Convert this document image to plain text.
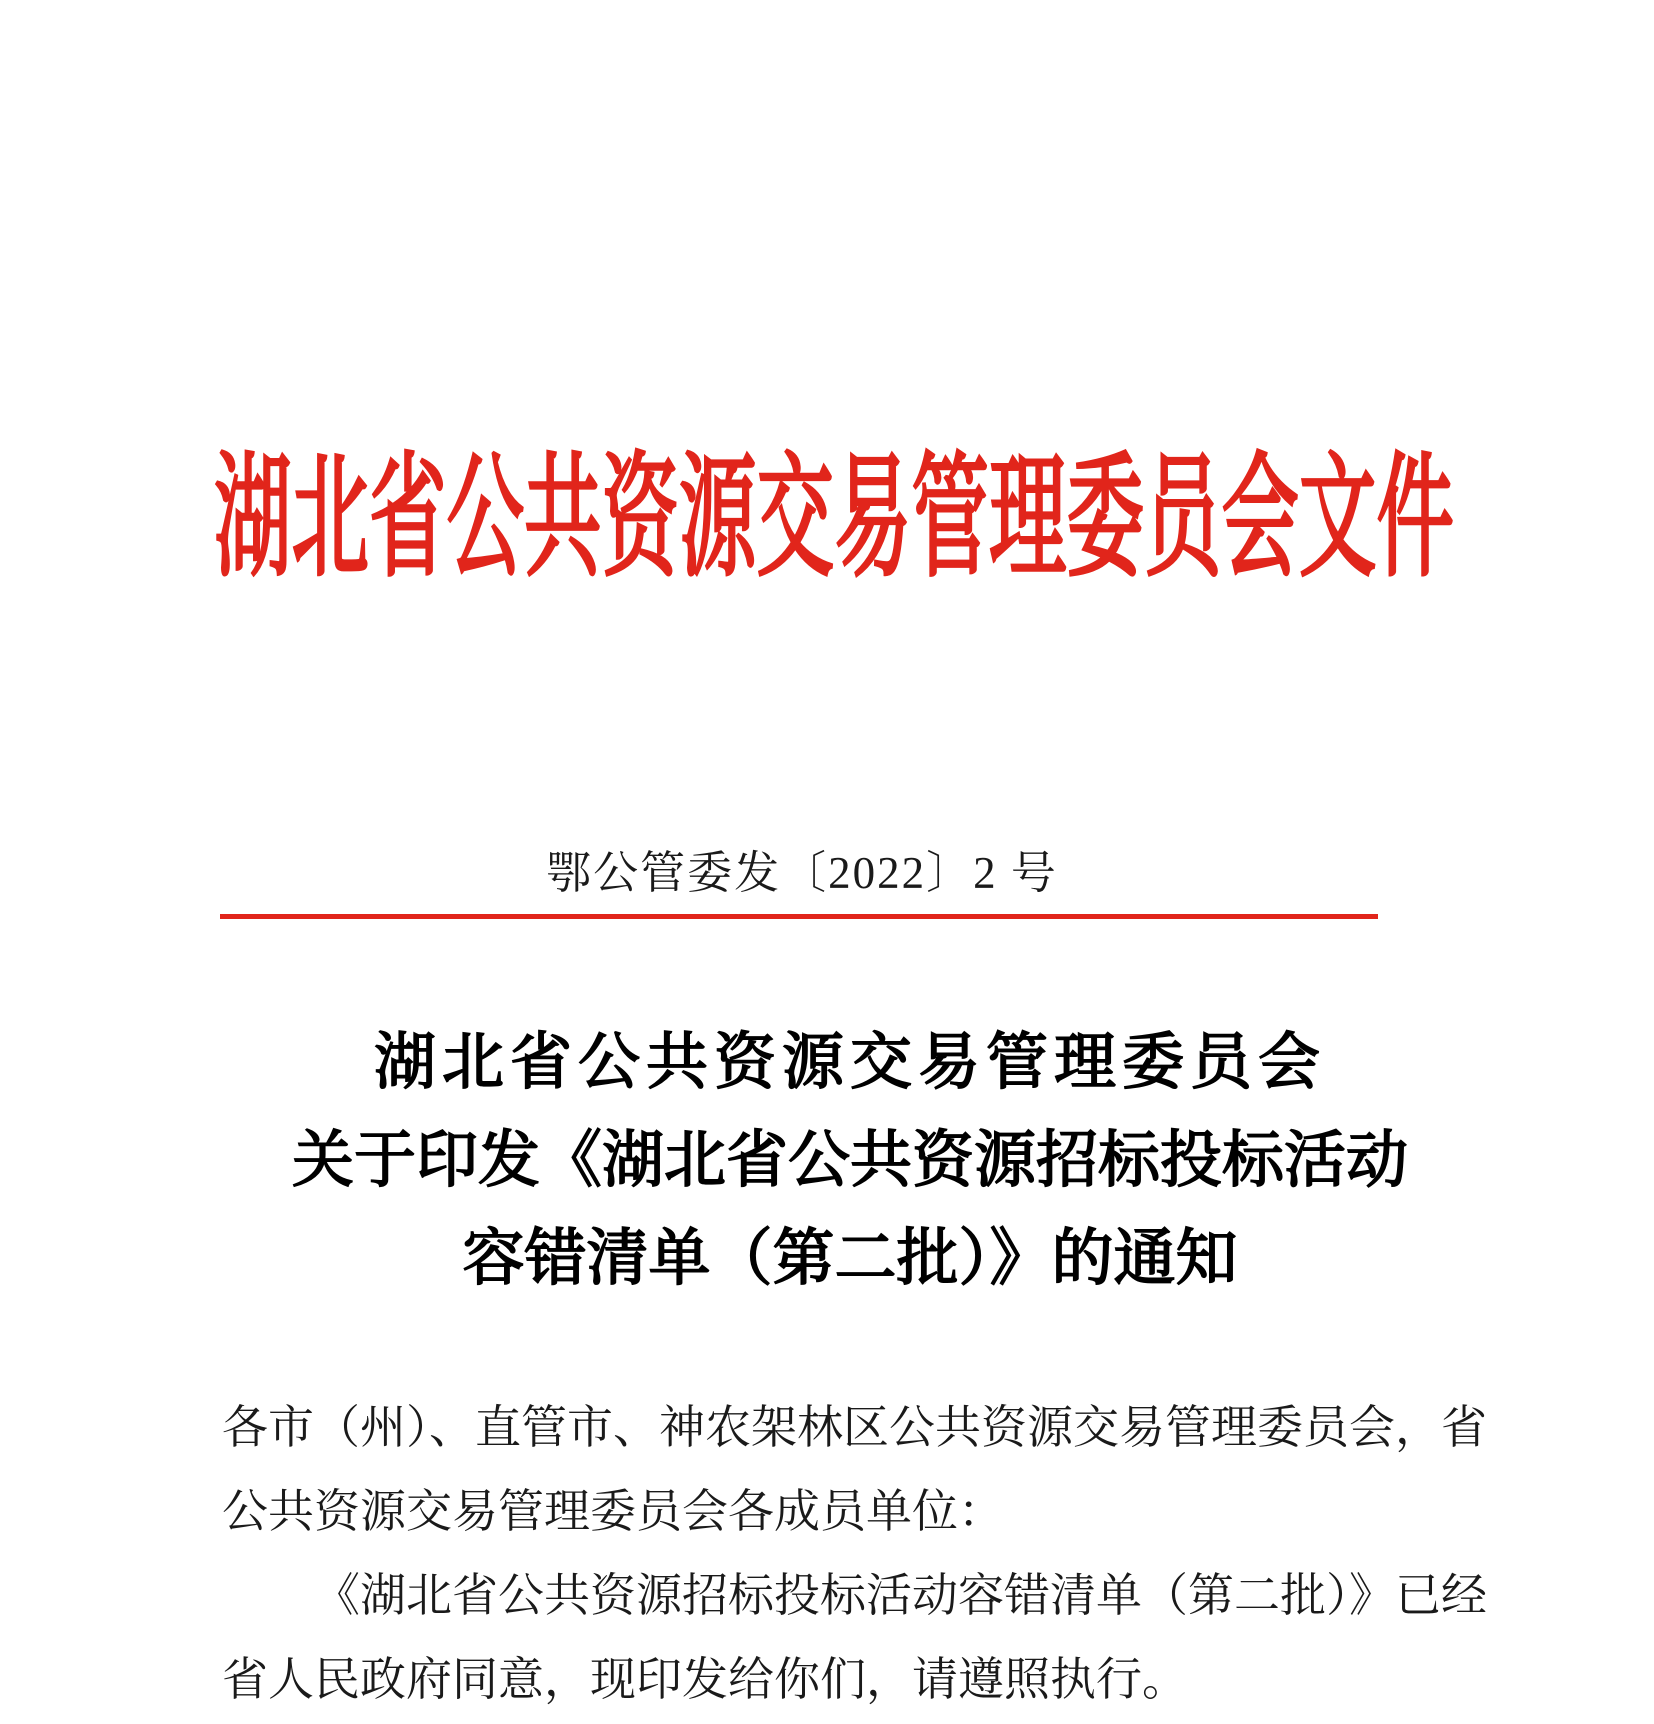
湖北省公共资源交易管理委员会文件
鄂公管委发〔2022〕2 号
湖北省公共资源交易管理委员会
关于印发《湖北省公共资源招标投标活动
容错清单（第二批）》的通知
各市（州）、直管市、神农架林区公共资源交易管理委员会，省
公共资源交易管理委员会各成员单位：
《湖北省公共资源招标投标活动容错清单（第二批）》已经
省人民政府同意，现印发给你们，请遵照执行。
